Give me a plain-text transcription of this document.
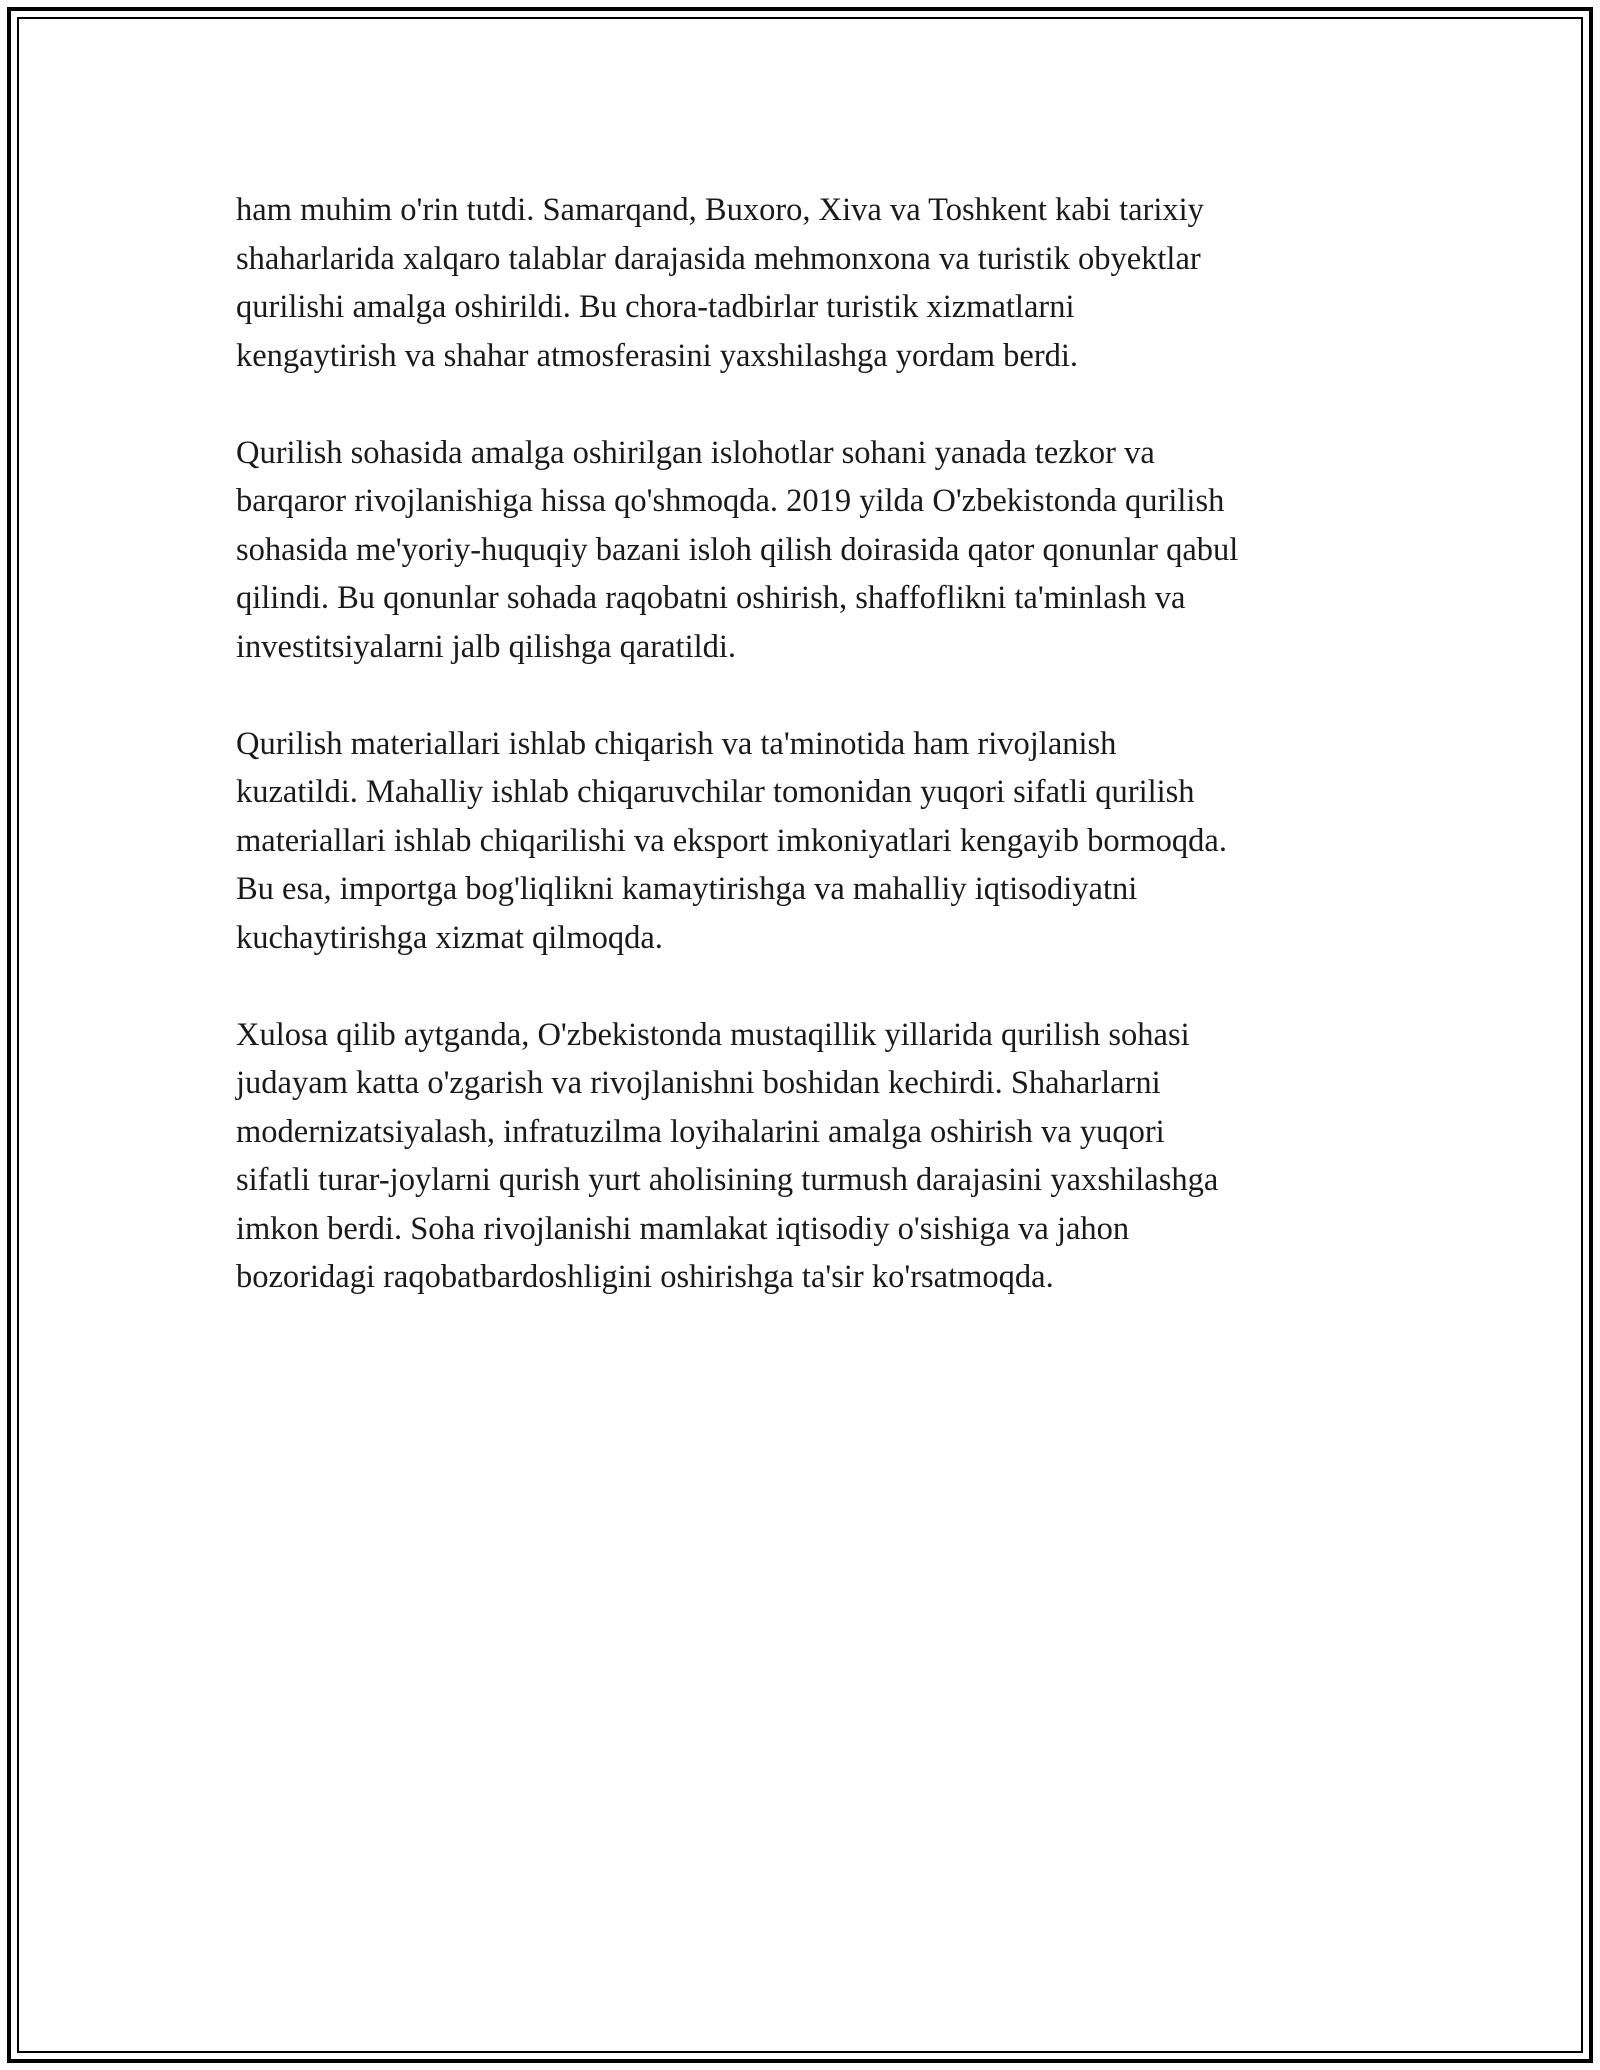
ham muhim o'rin tutdi. Samarqand, Buxoro, Xiva va Toshkent kabi tarixiy
shaharlarida xalqaro talablar darajasida mehmonxona va turistik obyektlar
qurilishi amalga oshirildi. Bu chora-tadbirlar turistik xizmatlarni
kengaytirish va shahar atmosferasini yaxshilashga yordam berdi.

Qurilish sohasida amalga oshirilgan islohotlar sohani yanada tezkor va
barqaror rivojlanishiga hissa qo'shmoqda. 2019 yilda O'zbekistonda qurilish
sohasida me'yoriy-huquqiy bazani isloh qilish doirasida qator qonunlar qabul
qilindi. Bu qonunlar sohada raqobatni oshirish, shaffoflikni ta'minlash va
investitsiyalarni jalb qilishga qaratildi.

Qurilish materiallari ishlab chiqarish va ta'minotida ham rivojlanish
kuzatildi. Mahalliy ishlab chiqaruvchilar tomonidan yuqori sifatli qurilish
materiallari ishlab chiqarilishi va eksport imkoniyatlari kengayib bormoqda.
Bu esa, importga bog'liqlikni kamaytirishga va mahalliy iqtisodiyatni
kuchaytirishga xizmat qilmoqda.

Xulosa qilib aytganda, O'zbekistonda mustaqillik yillarida qurilish sohasi
judayam katta o'zgarish va rivojlanishni boshidan kechirdi. Shaharlarni
modernizatsiyalash, infratuzilma loyihalarini amalga oshirish va yuqori
sifatli turar-joylarni qurish yurt aholisining turmush darajasini yaxshilashga
imkon berdi. Soha rivojlanishi mamlakat iqtisodiy o'sishiga va jahon
bozoridagi raqobatbardoshligini oshirishga ta'sir ko'rsatmoqda.
